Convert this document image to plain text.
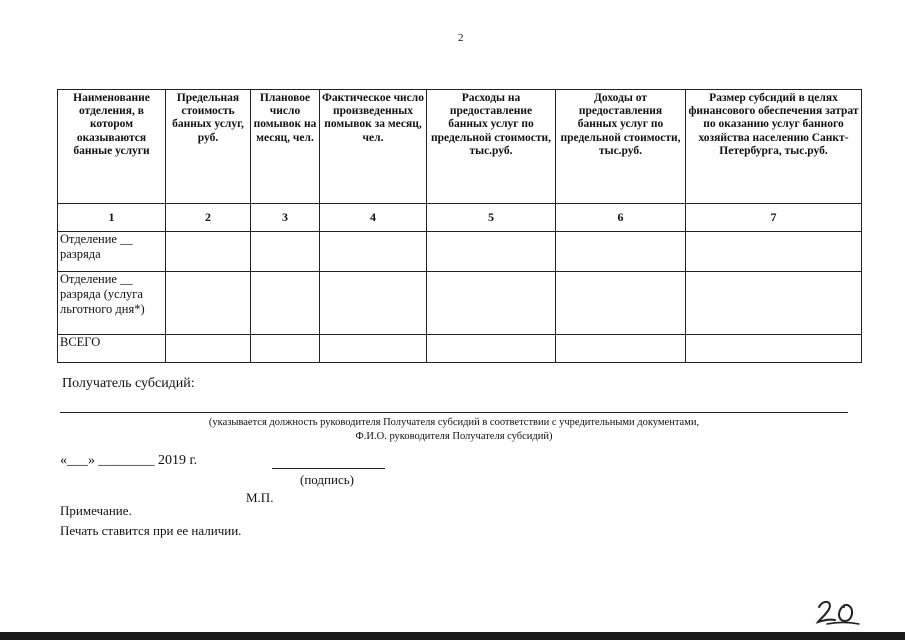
2
Наименование отделения, в котором оказываются банные услуги	Предельная стоимость банных услуг, руб.	Плановое число помывок на месяц, чел.	Фактическое число произведенных помывок за месяц, чел.	Расходы на предоставление банных услуг по предельной стоимости, тыс.руб.	Доходы от предоставления банных услуг по предельной стоимости, тыс.руб.	Размер субсидий в целях финансового обеспечения затрат по оказанию услуг банного хозяйства населению Санкт-Петербурга, тыс.руб.
1	2	3	4	5	6	7
Отделение __ разряда						
Отделение __ разряда (услуга льготного дня*)						
ВСЕГО						
Получатель субсидий:
(указывается должность руководителя Получателя субсидий в соответствии с учредительными документами,
Ф.И.О. руководителя Получателя субсидий)
«___» ________ 2019 г.
(подпись)
М.П.
Примечание.
Печать ставится при ее наличии.
